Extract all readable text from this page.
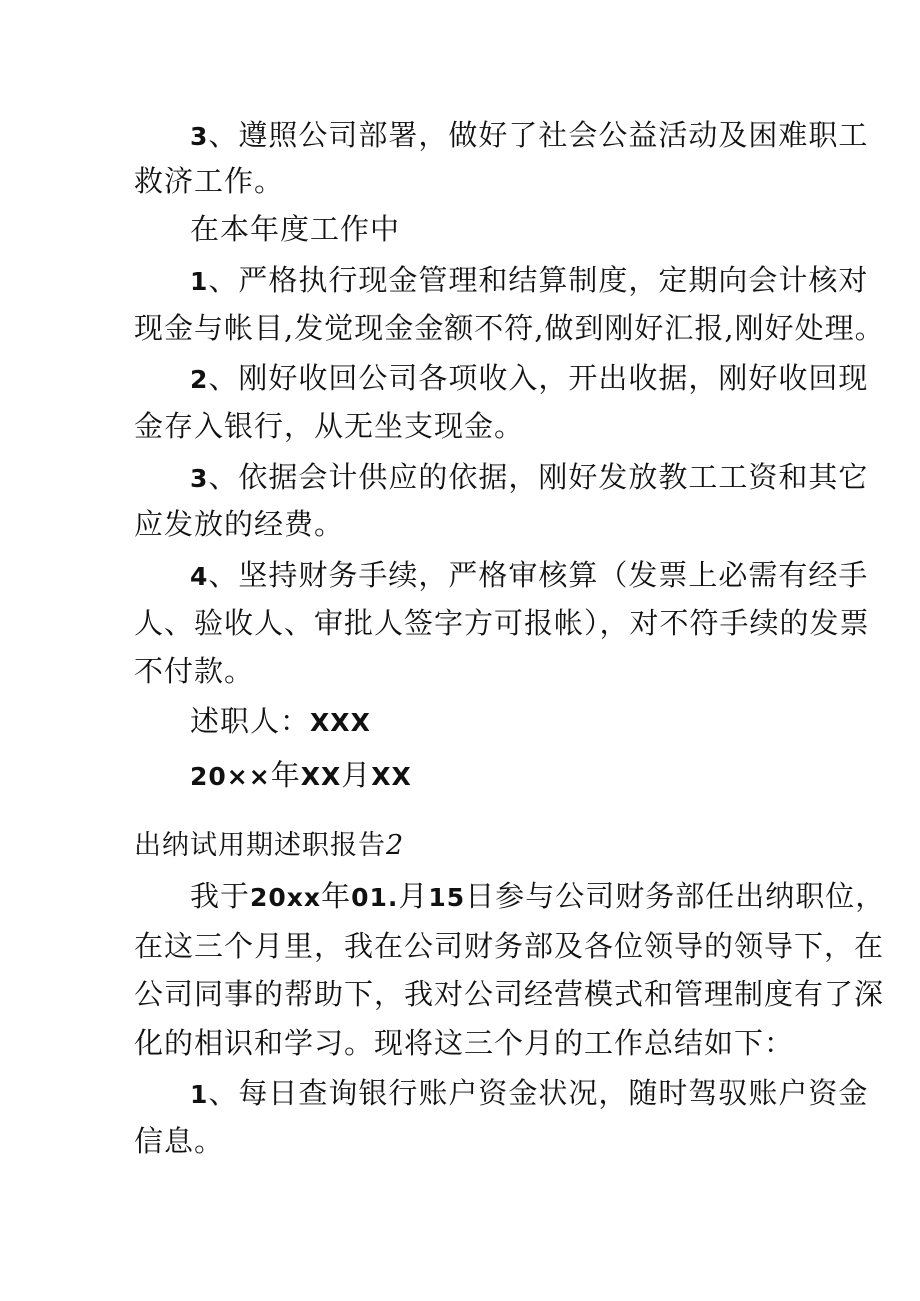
3、遵照公司部署，做好了社会公益活动及困难职工
救济工作。
在本年度工作中
1、严格执行现金管理和结算制度，定期向会计核对
现金与帐目,发觉现金金额不符,做到刚好汇报,刚好处理。
2、刚好收回公司各项收入，开出收据，刚好收回现
金存入银行，从无坐支现金。
3、依据会计供应的依据，刚好发放教工工资和其它
应发放的经费。
4、坚持财务手续，严格审核算（发票上必需有经手
人、验收人、审批人签字方可报帐），对不符手续的发票
不付款。
述职人：XXX
20××年XX月XX
出纳试用期述职报告2
我于20xx年01.月15日参与公司财务部任出纳职位，
在这三个月里，我在公司财务部及各位领导的领导下，在
公司同事的帮助下，我对公司经营模式和管理制度有了深
化的相识和学习。现将这三个月的工作总结如下：
1、每日查询银行账户资金状况，随时驾驭账户资金
信息。
